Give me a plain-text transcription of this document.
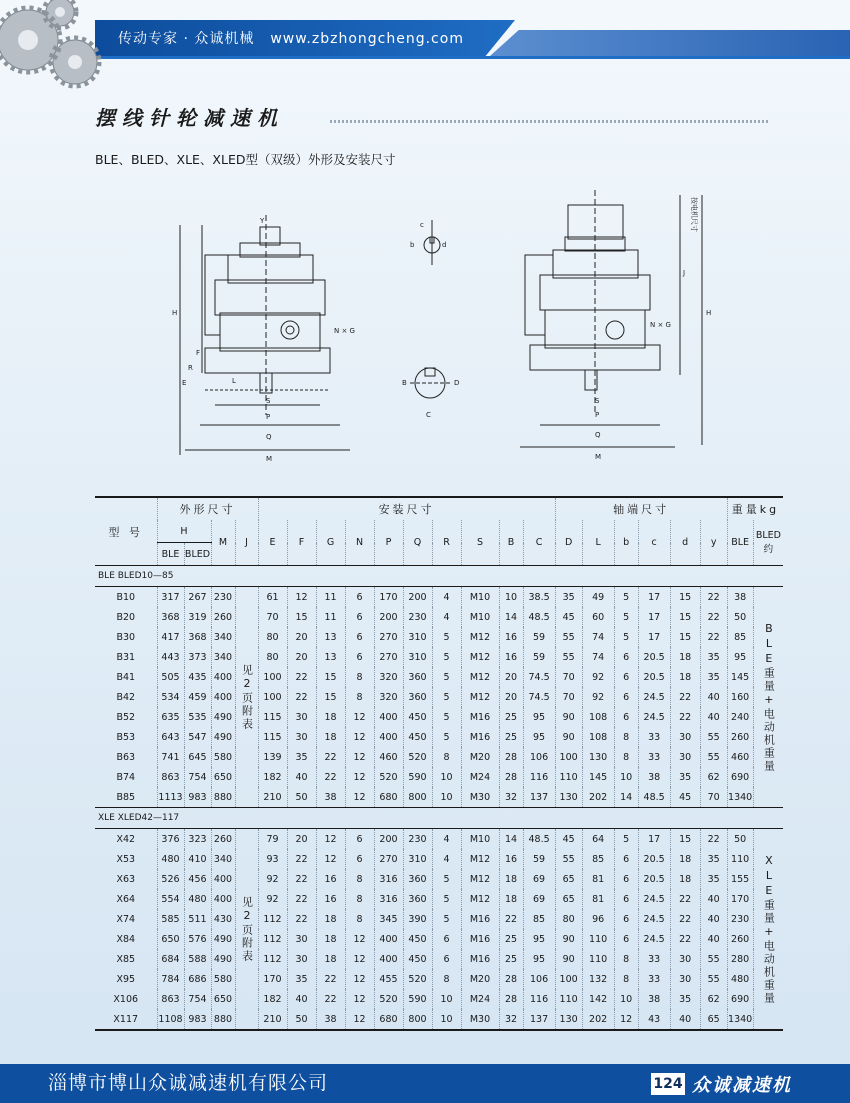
传动专家 · 众诚机械 www.zbzhongcheng.com
摆线针轮减速机
BLE、BLED、XLE、XLED型（双级）外形及安装尺寸
H
E
R
F
L
S
P
Q
M
N × G
Y	c
b	d
B	D
C
H
J
N × G
S
P
Q
M
按电机尺寸
型 号	外形尺寸				安装尺寸										轴端尺寸						重量kg	
	H		M	J	E	F	G	N	P	Q	R	S	B	C	D	L	b	c	d	y	BLE	BLED
约
	BLE	BLED																				
BLE BLED10—85																						
B10	317	267	230	见2页附表	61	12	11	6	170	200	4	M10	10	38.5	35	49	5	17	15	22	38	BLE重量+电动机重量
B20	368	319	260		70	15	11	6	200	230	4	M10	14	48.5	45	60	5	17	15	22	50	
B30	417	368	340		80	20	13	6	270	310	5	M12	16	59	55	74	5	17	15	22	85	
B31	443	373	340		80	20	13	6	270	310	5	M12	16	59	55	74	6	20.5	18	35	95	
B41	505	435	400		100	22	15	8	320	360	5	M12	20	74.5	70	92	6	20.5	18	35	145	
B42	534	459	400		100	22	15	8	320	360	5	M12	20	74.5	70	92	6	24.5	22	40	160	
B52	635	535	490		115	30	18	12	400	450	5	M16	25	95	90	108	6	24.5	22	40	240	
B53	643	547	490		115	30	18	12	400	450	5	M16	25	95	90	108	8	33	30	55	260	
B63	741	645	580		139	35	22	12	460	520	8	M20	28	106	100	130	8	33	30	55	460	
B74	863	754	650		182	40	22	12	520	590	10	M24	28	116	110	145	10	38	35	62	690	
B85	1113	983	880		210	50	38	12	680	800	10	M30	32	137	130	202	14	48.5	45	70	1340	
XLE XLED42—117																						
X42	376	323	260	见2页附表	79	20	12	6	200	230	4	M10	14	48.5	45	64	5	17	15	22	50	XLE重量+电动机重量
X53	480	410	340		93	22	12	6	270	310	4	M12	16	59	55	85	6	20.5	18	35	110	
X63	526	456	400		92	22	16	8	316	360	5	M12	18	69	65	81	6	20.5	18	35	155	
X64	554	480	400		92	22	16	8	316	360	5	M12	18	69	65	81	6	24.5	22	40	170	
X74	585	511	430		112	22	18	8	345	390	5	M16	22	85	80	96	6	24.5	22	40	230	
X84	650	576	490		112	30	18	12	400	450	6	M16	25	95	90	110	6	24.5	22	40	260	
X85	684	588	490		112	30	18	12	400	450	6	M16	25	95	90	110	8	33	30	55	280	
X95	784	686	580		170	35	22	12	455	520	8	M20	28	106	100	132	8	33	30	55	480	
X106	863	754	650		182	40	22	12	520	590	10	M24	28	116	110	142	10	38	35	62	690	
X117	1108	983	880		210	50	38	12	680	800	10	M30	32	137	130	202	12	43	40	65	1340	
淄博市博山众诚减速机有限公司	124 众诚减速机
